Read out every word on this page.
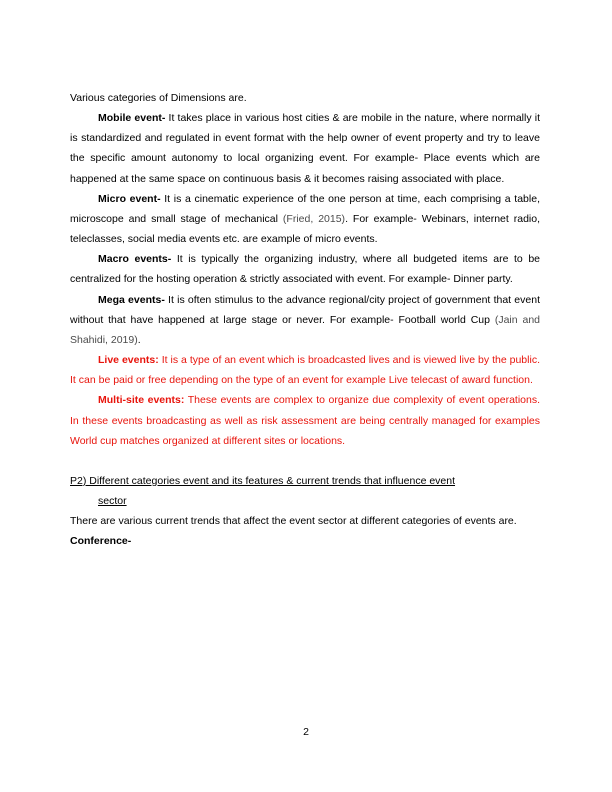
Various categories of Dimensions are.

Mobile event- It takes place in various host cities & are mobile in the nature, where normally it is standardized and regulated in event format with the help owner of event property and try to leave the specific amount autonomy to local organizing event. For example- Place events which are happened at the same space on continuous basis & it becomes raising associated with place.

Micro event- It is a cinematic experience of the one person at time, each comprising a table, microscope and small stage of mechanical (Fried, 2015). For example- Webinars, internet radio, teleclasses, social media events etc. are example of micro events.

Macro events- It is typically the organizing industry, where all budgeted items are to be centralized for the hosting operation & strictly associated with event. For example- Dinner party.

Mega events- It is often stimulus to the advance regional/city project of government that event without that have happened at large stage or never. For example- Football world Cup (Jain and Shahidi, 2019).

Live events: It is a type of an event which is broadcasted lives and is viewed live by the public. It can be paid or free depending on the type of an event for example Live telecast of award function.

Multi-site events: These events are complex to organize due complexity of event operations. In these events broadcasting as well as risk assessment are being centrally managed for examples World cup matches organized at different sites or locations.

P2) Different categories event and its features & current trends that influence event
sector

There are various current trends that affect the event sector at different categories of events are.

Conference-
2
